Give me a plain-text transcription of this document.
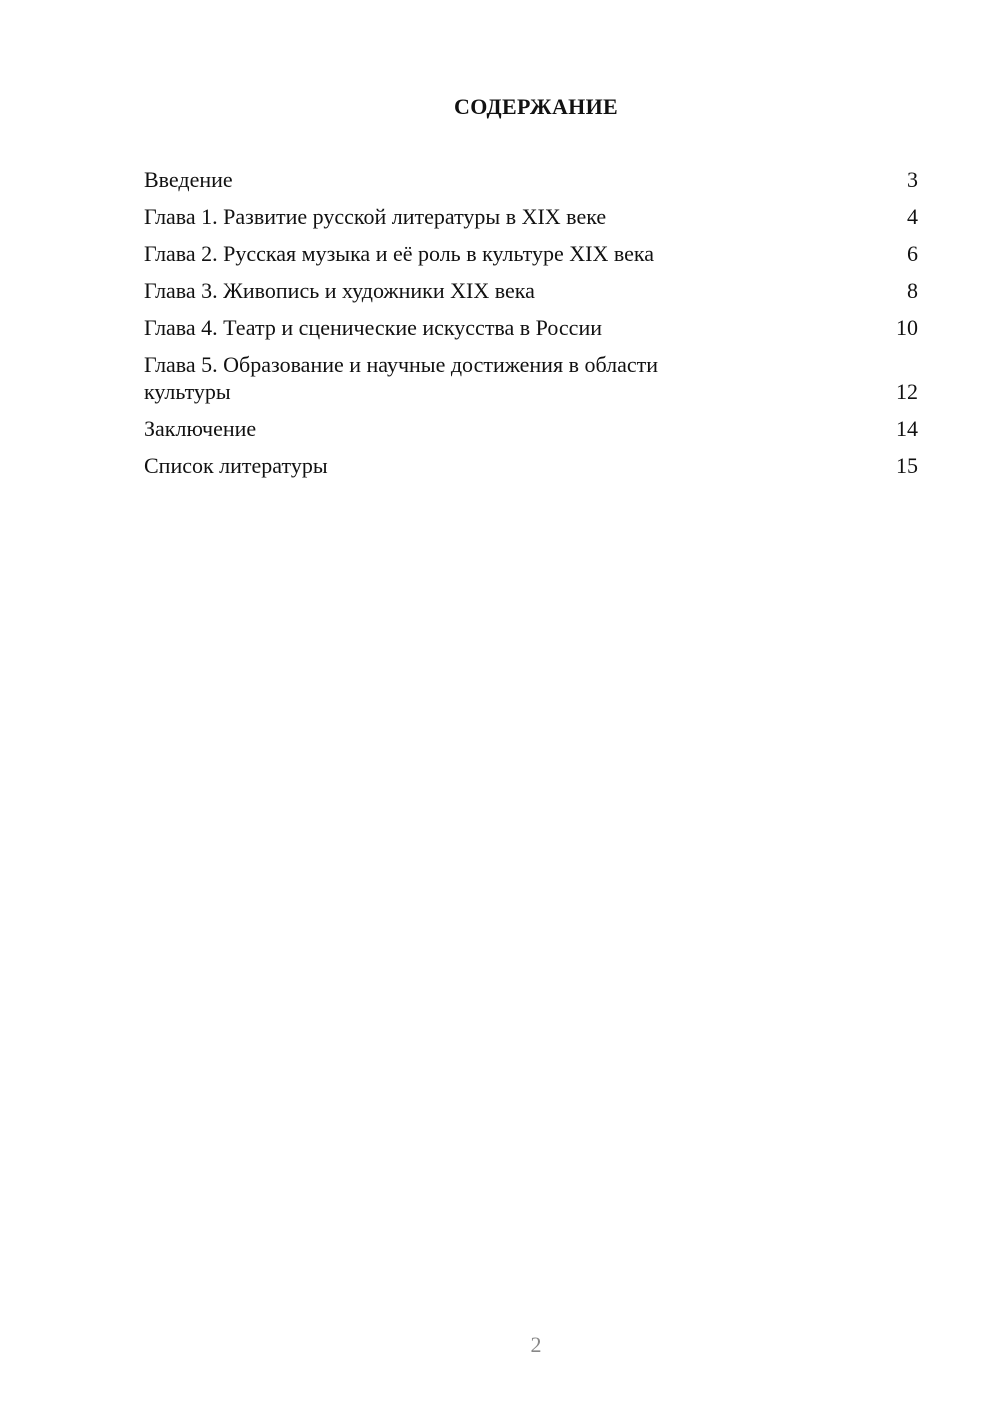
СОДЕРЖАНИЕ
Введение	3
Глава 1. Развитие русской литературы в XIX веке	4
Глава 2. Русская музыка и её роль в культуре XIX века	6
Глава 3. Живопись и художники XIX века	8
Глава 4. Театр и сценические искусства в России	10
Глава 5. Образование и научные достижения в области культуры	12
Заключение	14
Список литературы	15
2
